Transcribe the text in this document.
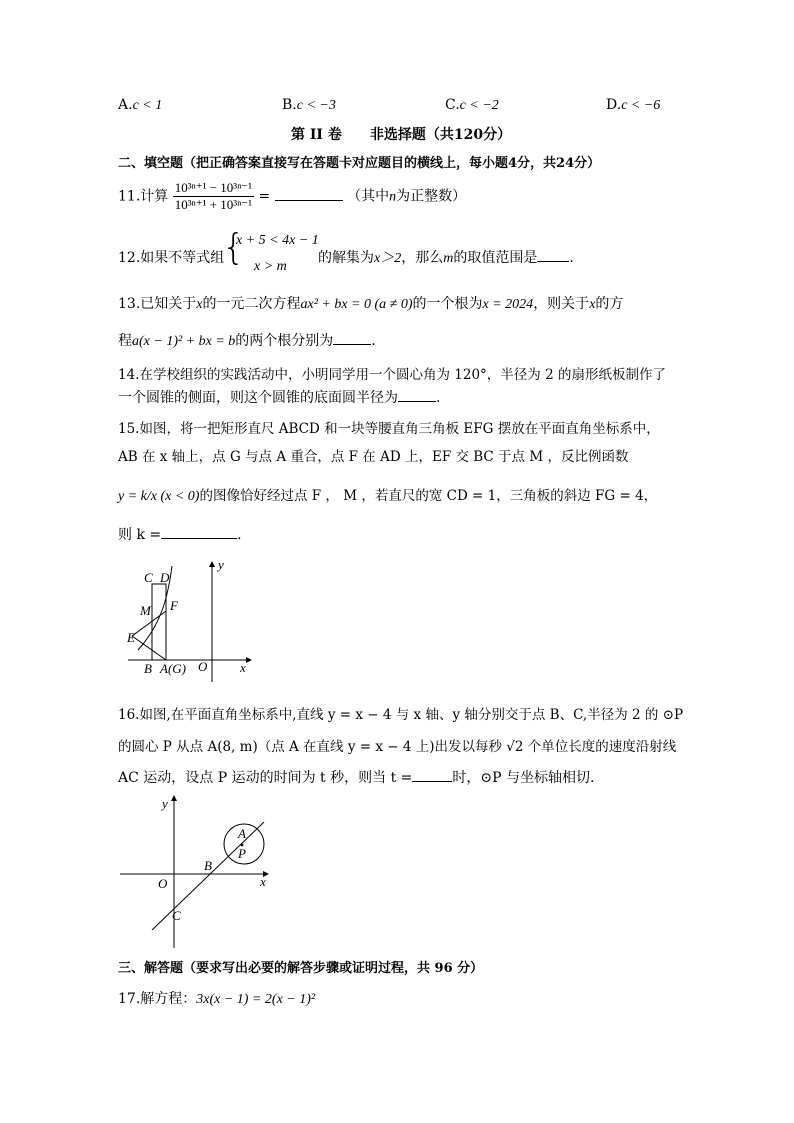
A.c < 1	B.c < −3	C.c < −2	D.c < −6
第 II 卷　　非选择题（共120分）
二、填空题（把正确答案直接写在答题卡对应题目的横线上，每小题4分，共24分）
11.计算 $\frac{\text{10³ⁿ⁺¹ − 10³ⁿ⁻¹}}{\text{10³ⁿ⁺¹ + 10³ⁿ⁻¹}}$ =	（其中n为正整数）
12.如果不等式组
{
x + 5 < 4x − 1
x > m
的解集为x＞2，那么m的取值范围是 .
13.已知关于x的一元二次方程ax² + bx = 0 (a ≠ 0)的一个根为x = 2024，则关于x的方
程a(x − 1)² + bx = b的两个根分别为	.
14.在学校组织的实践活动中，小明同学用一个圆心角为 120°，半径为 2 的扇形纸板制作了
一个圆锥的侧面，则这个圆锥的底面圆半径为	.
15.如图，将一把矩形直尺 ABCD 和一块等腰直角三角板 EFG 摆放在平面直角坐标系中，
AB 在 x 轴上，点 G 与点 A 重合，点 F 在 AD 上，EF 交 BC 于点 M ，反比例函数
y = k/x (x < 0)的图像恰好经过点 F ， M ，若直尺的宽 CD = 1，三角板的斜边 FG = 4，
则 k =	.
C D
M F
E
B A(G) O	x
y
16.如图,在平面直角坐标系中,直线 y = x − 4 与 x 轴、y 轴分别交于点 B、C,半径为 2 的 ⊙P
的圆心 P 从点 A(8, m)（点 A 在直线 y = x − 4 上)出发以每秒 √2 个单位长度的速度沿射线
AC 运动，设点 P 运动的时间为 t 秒，则当 t =	时，⊙P 与坐标轴相切.
y
x
O
A
P
B
C
三、解答题（要求写出必要的解答步骤或证明过程，共 96 分）
17.解方程：3x(x − 1) = 2(x − 1)²
